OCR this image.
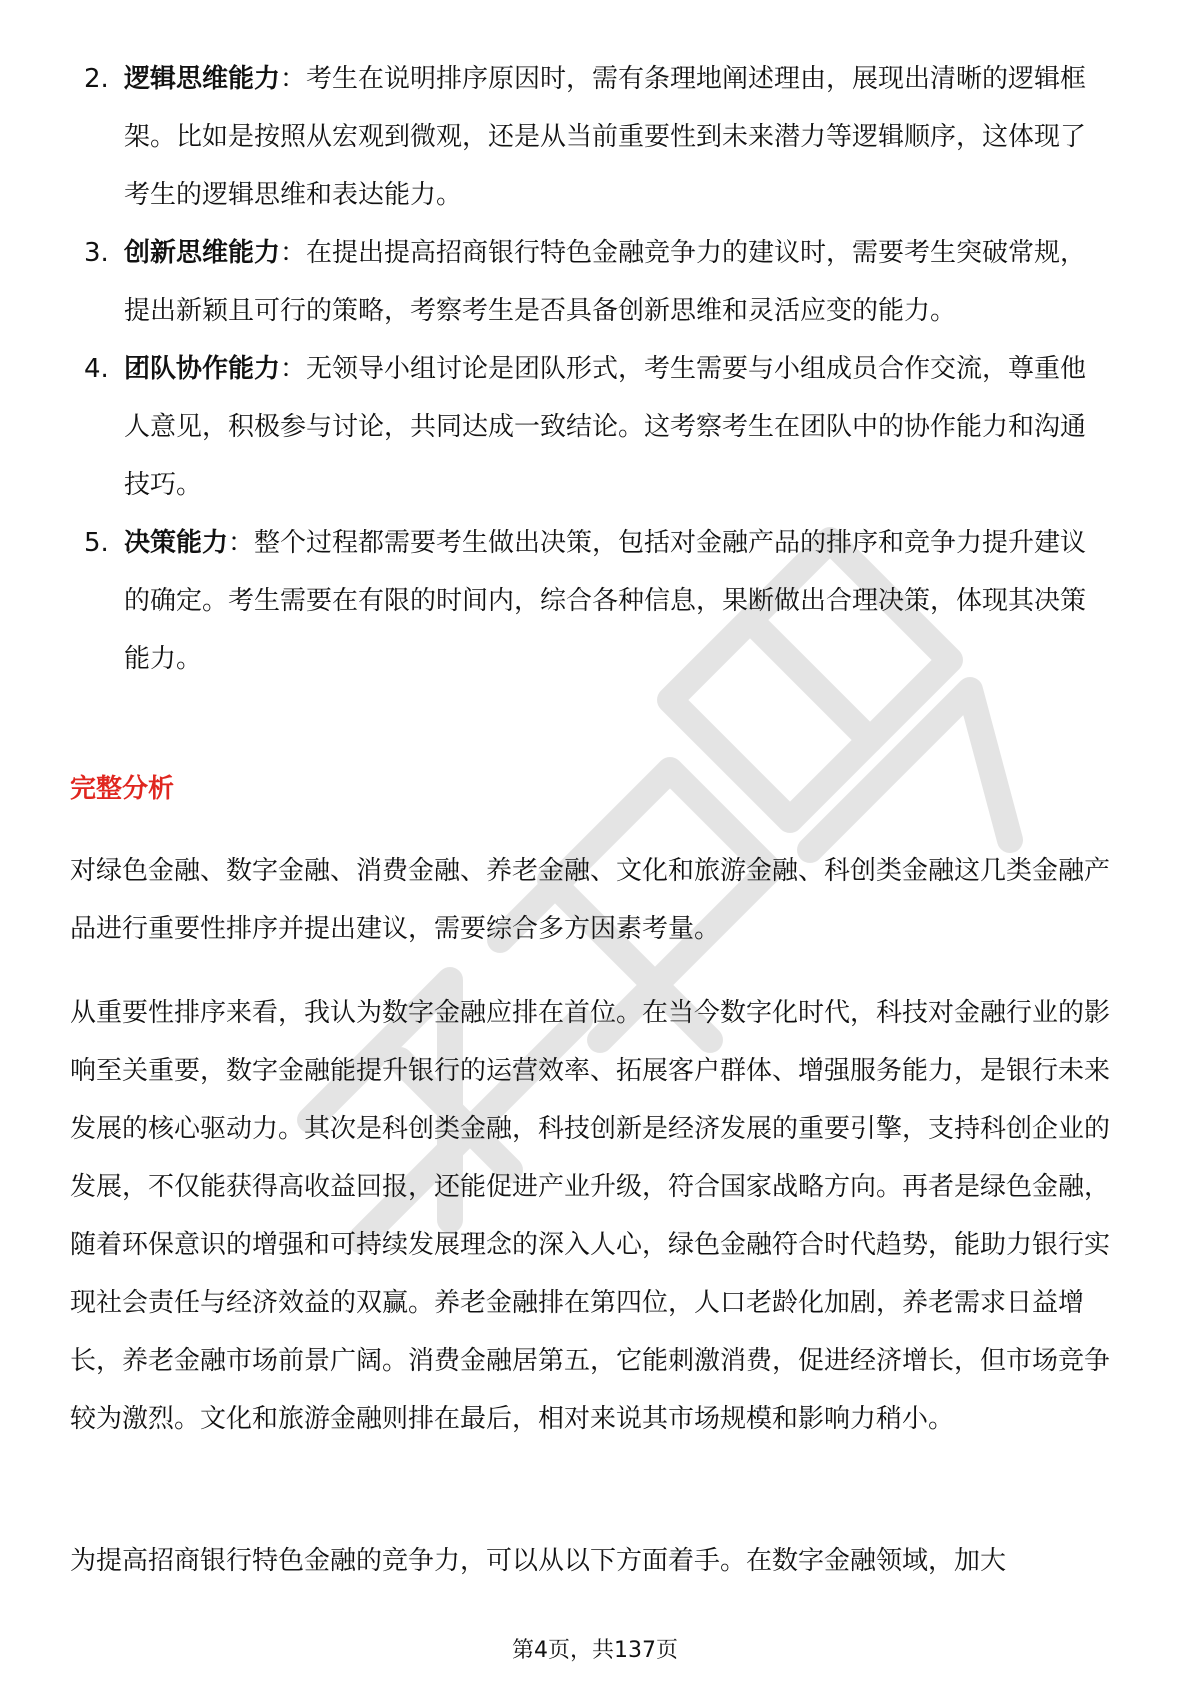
2. 逻辑思维能力：考生在说明排序原因时，需有条理地阐述理由，展现出清晰的逻辑框架。比如是按照从宏观到微观，还是从当前重要性到未来潜力等逻辑顺序，这体现了考生的逻辑思维和表达能力。
3. 创新思维能力：在提出提高招商银行特色金融竞争力的建议时，需要考生突破常规，提出新颖且可行的策略，考察考生是否具备创新思维和灵活应变的能力。
4. 团队协作能力：无领导小组讨论是团队形式，考生需要与小组成员合作交流，尊重他人意见，积极参与讨论，共同达成一致结论。这考察考生在团队中的协作能力和沟通技巧。
5. 决策能力：整个过程都需要考生做出决策，包括对金融产品的排序和竞争力提升建议的确定。考生需要在有限的时间内，综合各种信息，果断做出合理决策，体现其决策能力。
完整分析

对绿色金融、数字金融、消费金融、养老金融、文化和旅游金融、科创类金融这几类金融产品进行重要性排序并提出建议，需要综合多方因素考量。

从重要性排序来看，我认为数字金融应排在首位。在当今数字化时代，科技对金融行业的影响至关重要，数字金融能提升银行的运营效率、拓展客户群体、增强服务能力，是银行未来发展的核心驱动力。其次是科创类金融，科技创新是经济发展的重要引擎，支持科创企业的发展，不仅能获得高收益回报，还能促进产业升级，符合国家战略方向。再者是绿色金融，随着环保意识的增强和可持续发展理念的深入人心，绿色金融符合时代趋势，能助力银行实现社会责任与经济效益的双赢。养老金融排在第四位，人口老龄化加剧，养老需求日益增长，养老金融市场前景广阔。消费金融居第五，它能刺激消费，促进经济增长，但市场竞争较为激烈。文化和旅游金融则排在最后，相对来说其市场规模和影响力稍小。

为提高招商银行特色金融的竞争力，可以从以下方面着手。在数字金融领域，加大

第4页，共137页
